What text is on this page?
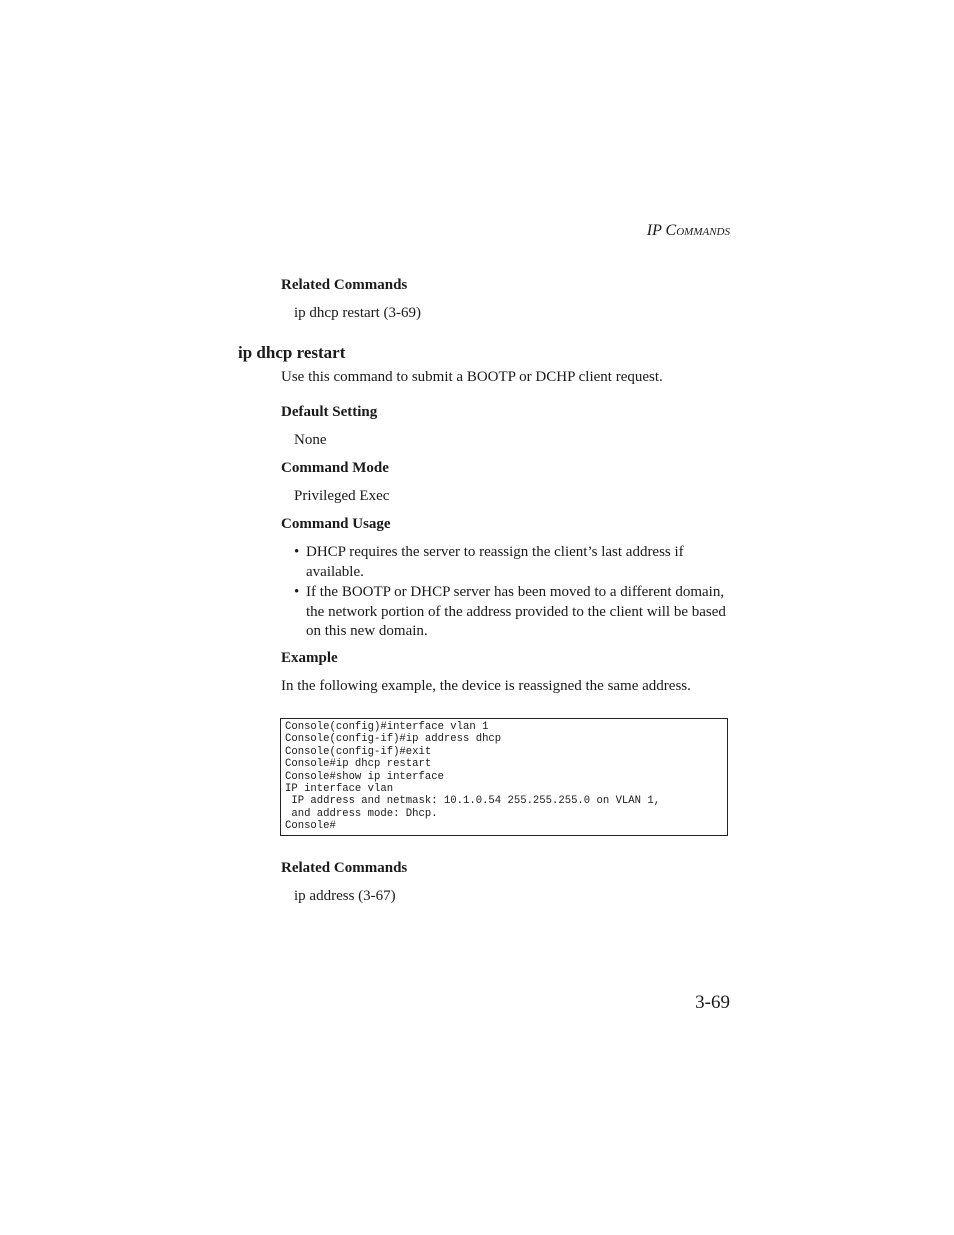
IP Commands
Related Commands
ip dhcp restart (3-69)
ip dhcp restart
Use this command to submit a BOOTP or DCHP client request.
Default Setting
None
Command Mode
Privileged Exec
Command Usage
• DHCP requires the server to reassign the client’s last address if
available.
• If the BOOTP or DHCP server has been moved to a different domain,
the network portion of the address provided to the client will be based
on this new domain.
Example
In the following example, the device is reassigned the same address.
Console(config)#interface vlan 1
Console(config-if)#ip address dhcp
Console(config-if)#exit
Console#ip dhcp restart
Console#show ip interface
IP interface vlan
IP address and netmask: 10.1.0.54 255.255.255.0 on VLAN 1,
and address mode: Dhcp.
Console#
Related Commands
ip address (3-67)
3-69
